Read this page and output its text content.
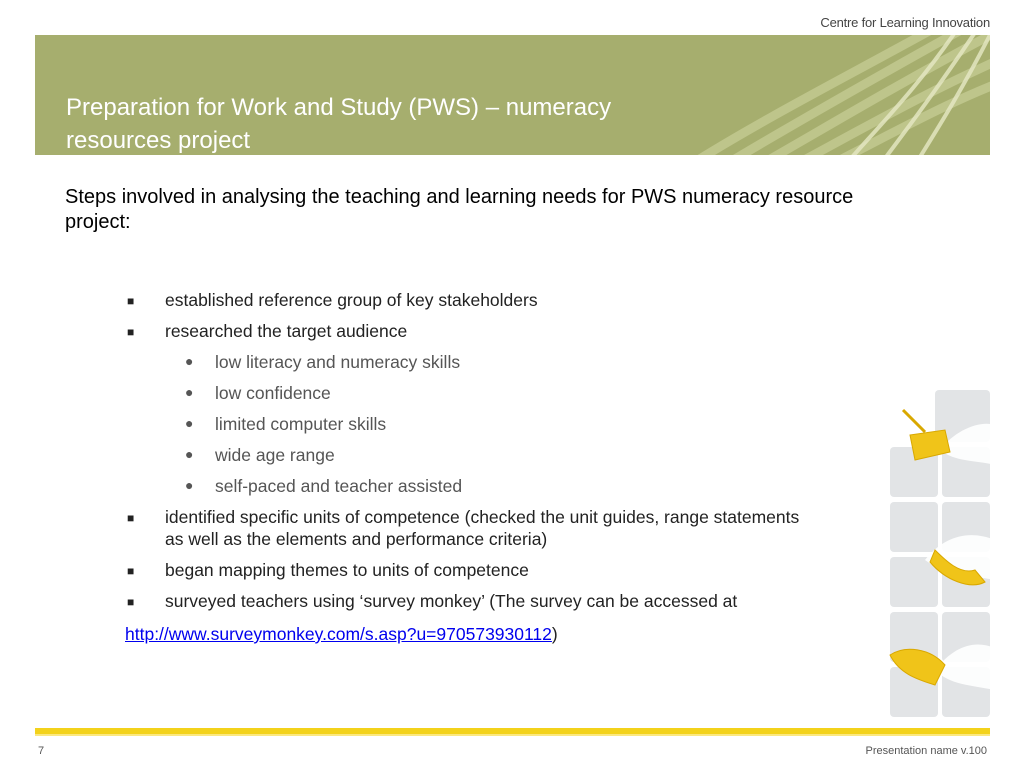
Centre for Learning Innovation
Preparation for Work and Study (PWS) – numeracy
resources project

Steps involved in analysing the teaching and learning needs for PWS numeracy resource project:

■ established reference group of key stakeholders
■ researched the target audience
● low literacy and numeracy skills
● low confidence
● limited computer skills
● wide age range
● self-paced and teacher assisted
■ identified specific units of competence (checked the unit guides, range statements as well as the elements and performance criteria)
■ began mapping themes to units of competence
■ surveyed teachers using ‘survey monkey’ (The survey can be accessed at
http://www.surveymonkey.com/s.asp?u=970573930112)
7	Presentation name v.100
